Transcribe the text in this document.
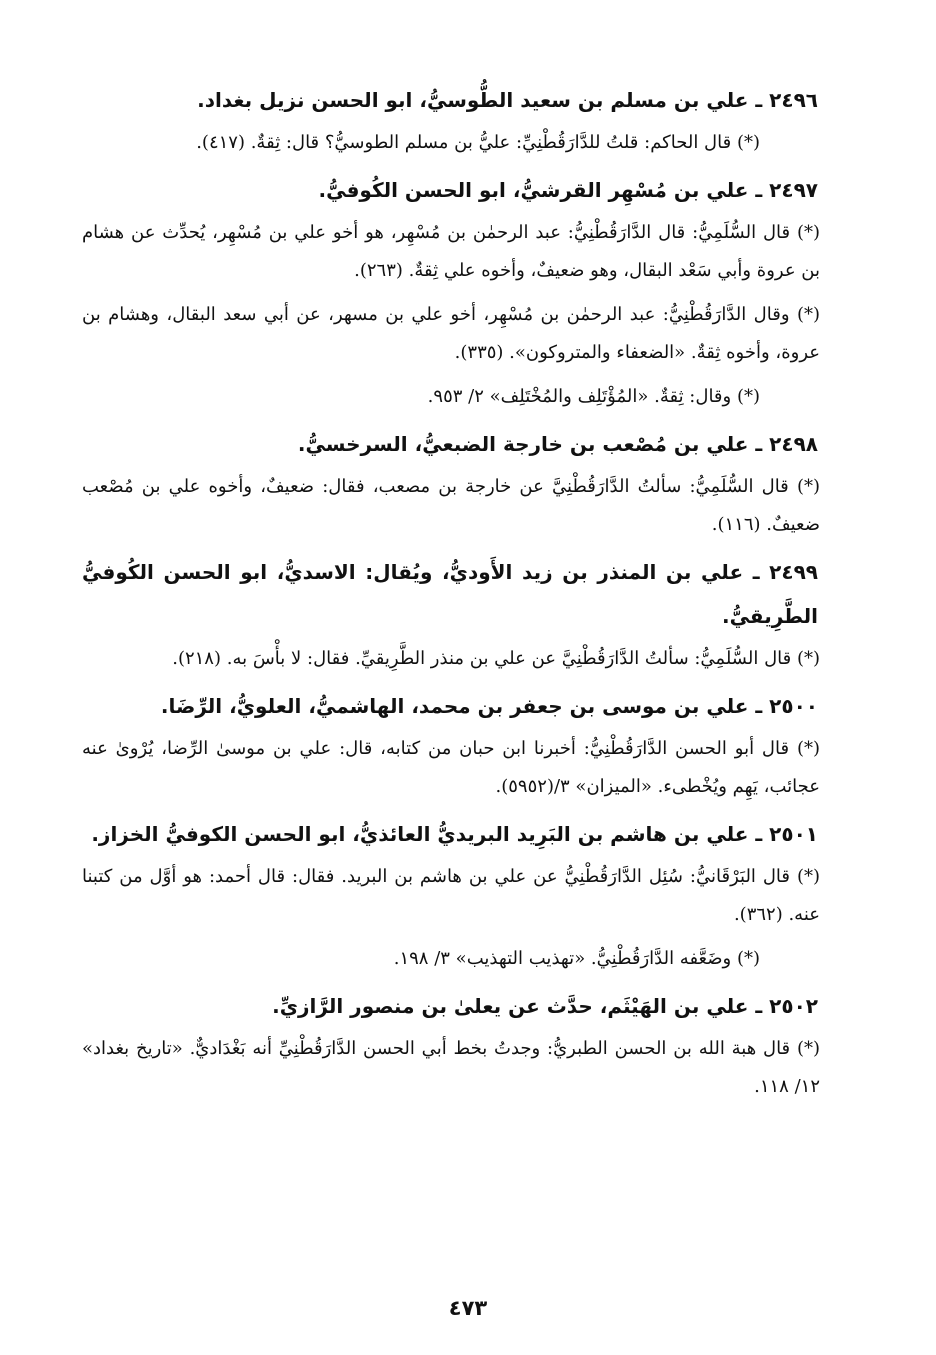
٢٤٩٦ ـ علي بن مسلم بن سعيد الطُّوسيُّ، ابو الحسن نزيل بغداد.
(*) قال الحاكم: قلتُ للدَّارَقُطْنِيِّ: عليُّ بن مسلم الطوسيُّ؟ قال: ثِقةٌ. (٤١٧).
٢٤٩٧ ـ علي بن مُسْهِر القرشيُّ، ابو الحسن الكُوفيُّ.
(*) قال السُّلَمِيُّ: قال الدَّارَقُطْنِيُّ: عبد الرحمٰن بن مُسْهِر، هو أخو علي بن مُسْهِر، يُحدِّث عن هشام بن عروة وأبي سَعْد البقال، وهو ضعيفٌ، وأخوه علي ثِقةٌ. (٢٦٣).
(*) وقال الدَّارَقُطْنِيُّ: عبد الرحمٰن بن مُسْهِر، أخو علي بن مسهر، عن أبي سعد البقال، وهشام بن عروة، وأخوه ثِقةٌ. «الضعفاء والمتروكون». (٣٣٥).
(*) وقال: ثِقةٌ. «المُؤْتَلِف والمُخْتَلِف» ٢/ ٩٥٣.
٢٤٩٨ ـ علي بن مُصْعب بن خارجة الضبعيُّ، السرخسيُّ.
(*) قال السُّلَمِيُّ: سألتُ الدَّارَقُطْنِيَّ عن خارجة بن مصعب، فقال: ضعيفٌ، وأخوه علي بن مُصْعب ضعيفٌ. (١١٦).
٢٤٩٩ ـ علي بن المنذر بن زيد الأَوديُّ، ويُقال: الاسديُّ، ابو الحسن الكُوفيُّ الطَّرِيقيُّ.
(*) قال السُّلَمِيُّ: سألتُ الدَّارَقُطْنِيَّ عن علي بن منذر الطَّرِيقيِّ. فقال: لا بأْسَ به. (٢١٨).
٢٥٠٠ ـ علي بن موسى بن جعفر بن محمد، الهاشميُّ، العلويُّ، الرِّضَا.
(*) قال أبو الحسن الدَّارَقُطْنِيُّ: أخبرنا ابن حبان من كتابه، قال: علي بن موسىٰ الرِّضا، يُرْوىٰ عنه عجائب، يَهِم ويُخْطىء. «الميزان» ٣/(٥٩٥٢).
٢٥٠١ ـ علي بن هاشم بن البَرِيد البريديُّ العائذيُّ، ابو الحسن الكوفيُّ الخزاز.
(*) قال البَرْقَانيُّ: سُئِل الدَّارَقُطْنِيُّ عن علي بن هاشم بن البريد. فقال: قال أحمد: هو أوَّل من كتبنا عنه. (٣٦٢).
(*) وضَعَّفه الدَّارَقُطْنِيُّ. «تهذيب التهذيب» ٣/ ١٩٨.
٢٥٠٢ ـ علي بن الهَيْثَم، حدَّث عن يعلىٰ بن منصور الرَّازيِّ.
(*) قال هبة الله بن الحسن الطبريُّ: وجدتُ بخط أبي الحسن الدَّارَقُطْنِيِّ أنه بَغْدَاديٌّ. «تاريخ بغداد» ١٢/ ١١٨.
٤٧٣
